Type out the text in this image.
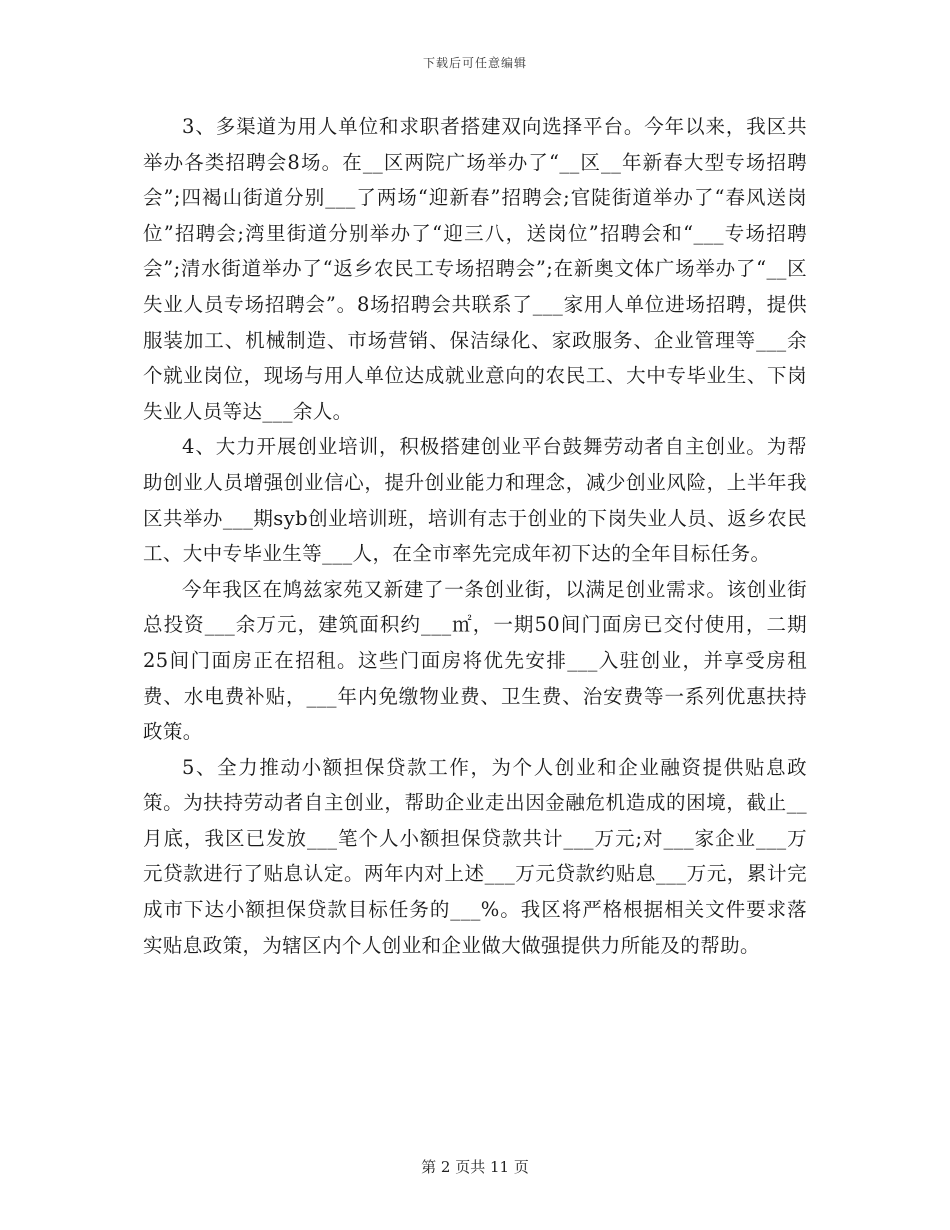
下载后可任意编辑

3、多渠道为用人单位和求职者搭建双向选择平台。今年以来，我区共举办各类招聘会8场。在__区两院广场举办了“__区__年新春大型专场招聘会”;四褐山街道分别___了两场“迎新春”招聘会;官陡街道举办了“春风送岗位”招聘会;湾里街道分别举办了“迎三八，送岗位”招聘会和“___专场招聘会”;清水街道举办了“返乡农民工专场招聘会”;在新奥文体广场举办了“__区失业人员专场招聘会”。8场招聘会共联系了___家用人单位进场招聘，提供服装加工、机械制造、市场营销、保洁绿化、家政服务、企业管理等___余个就业岗位，现场与用人单位达成就业意向的农民工、大中专毕业生、下岗失业人员等达___余人。

4、大力开展创业培训，积极搭建创业平台鼓舞劳动者自主创业。为帮助创业人员增强创业信心，提升创业能力和理念，减少创业风险，上半年我区共举办___期syb创业培训班，培训有志于创业的下岗失业人员、返乡农民工、大中专毕业生等___人，在全市率先完成年初下达的全年目标任务。

今年我区在鸠兹家苑又新建了一条创业街，以满足创业需求。该创业街总投资___余万元，建筑面积约___㎡，一期50间门面房已交付使用，二期25间门面房正在招租。这些门面房将优先安排___入驻创业，并享受房租费、水电费补贴，___年内免缴物业费、卫生费、治安费等一系列优惠扶持政策。

5、全力推动小额担保贷款工作，为个人创业和企业融资提供贴息政策。为扶持劳动者自主创业，帮助企业走出因金融危机造成的困境，截止__月底，我区已发放___笔个人小额担保贷款共计___万元;对___家企业___万元贷款进行了贴息认定。两年内对上述___万元贷款约贴息___万元，累计完成市下达小额担保贷款目标任务的___%。我区将严格根据相关文件要求落实贴息政策，为辖区内个人创业和企业做大做强提供力所能及的帮助。

第 2 页共 11 页
